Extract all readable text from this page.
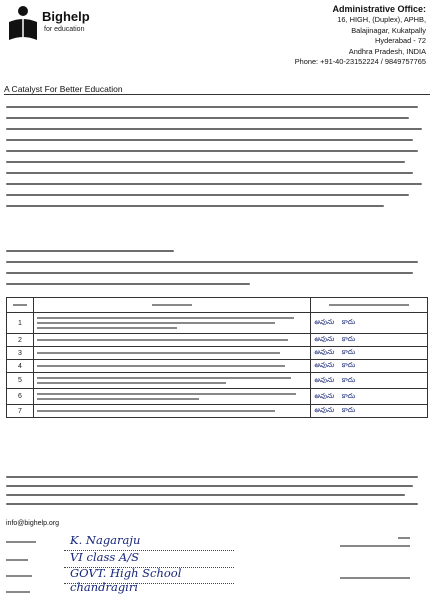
Bighelp
for education
Administrative Office:
16, HIGH, (Duplex), APHB,
Balajinagar, Kukatpally
Hyderabad - 72
Andhra Pradesh, INDIA
Phone: +91-40-23152224 / 9849757765
A Catalyst For Better Education

1		అవును కాదు
2		అవును కాదు
3		అవును కాదు
4		అవును కాదు
5		అవును కాదు
6		అవును కాదు
7		అవును కాదు
info@bighelp.org
K. Nagaraju
VI class A/S
GOVT. High School
chandragiri
